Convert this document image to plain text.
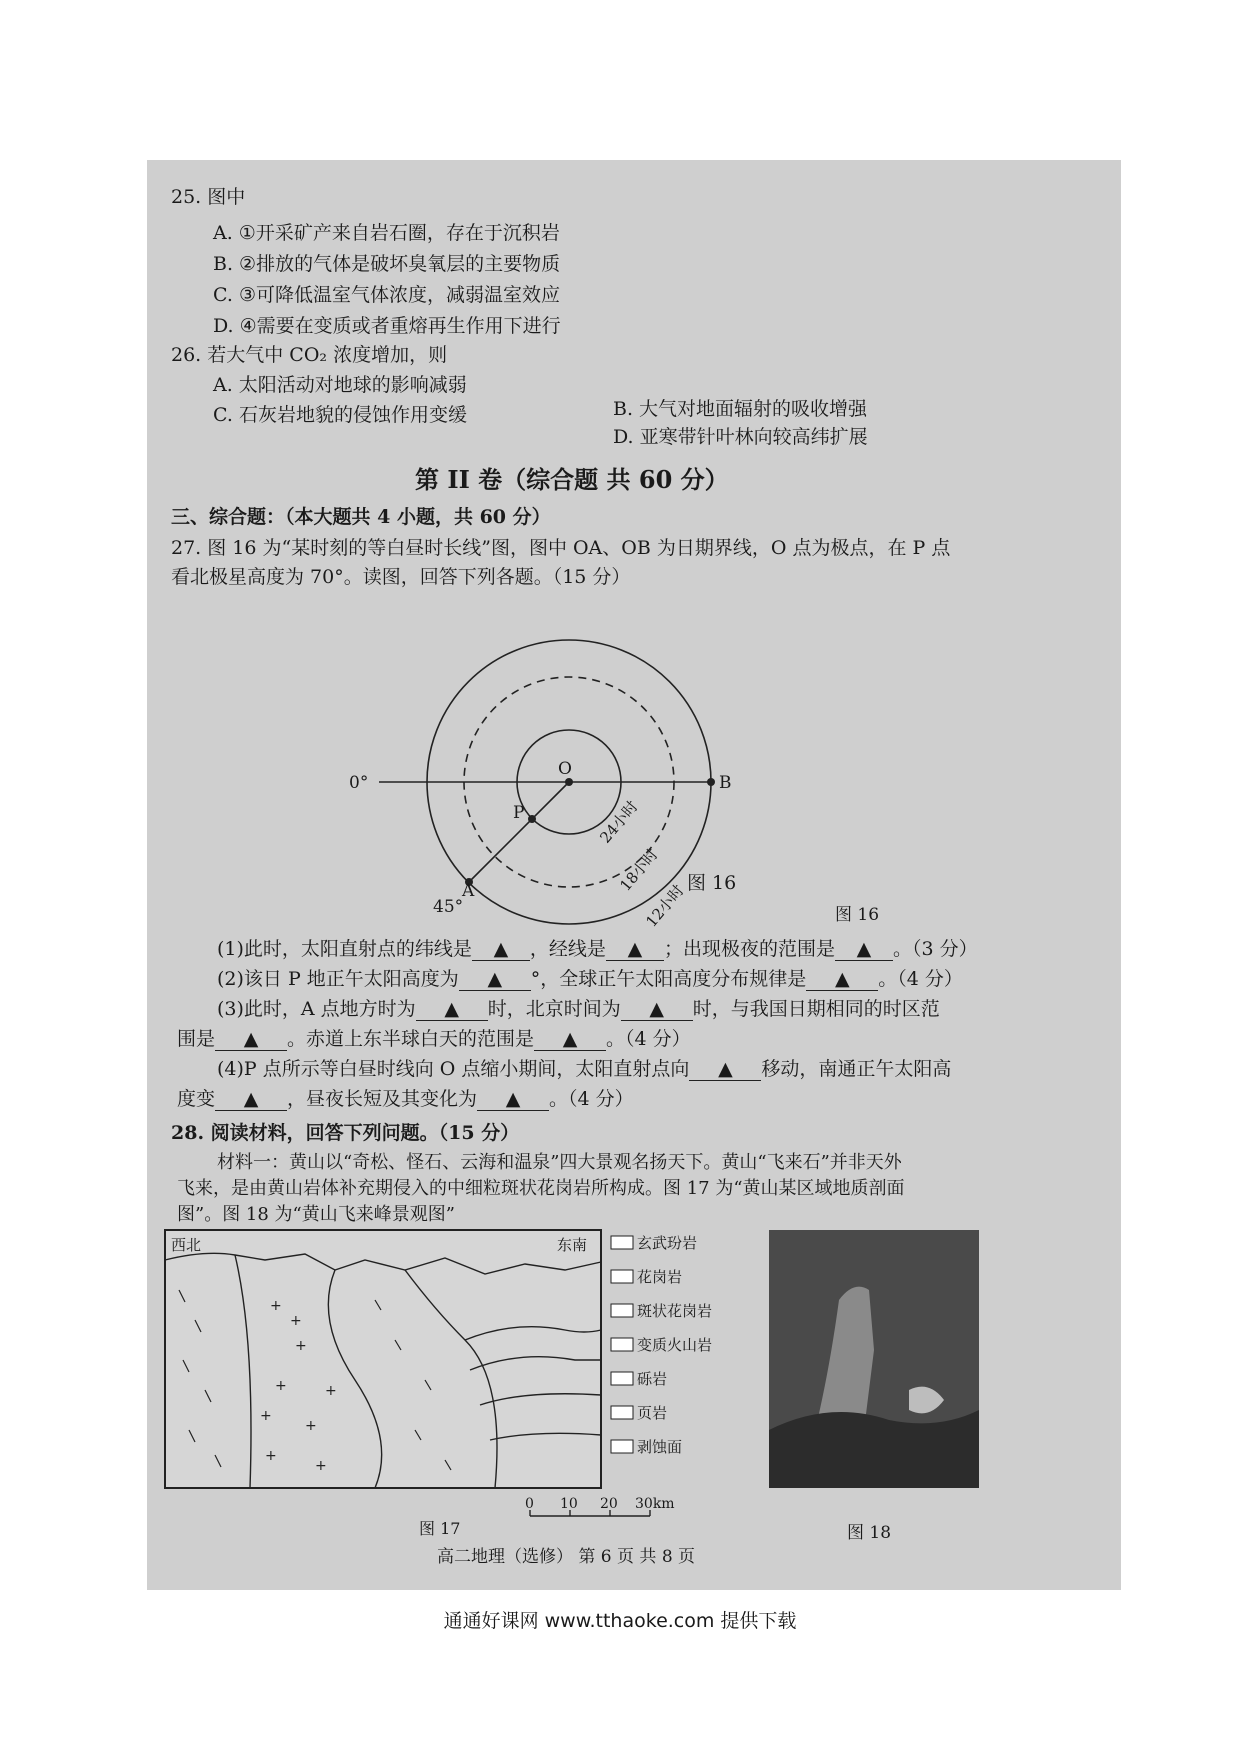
25. 图中
A. ①开采矿产来自岩石圈，存在于沉积岩
B. ②排放的气体是破坏臭氧层的主要物质
C. ③可降低温室气体浓度，减弱温室效应
D. ④需要在变质或者重熔再生作用下进行
26. 若大气中 CO₂ 浓度增加，则
A. 太阳活动对地球的影响减弱
B. 大气对地面辐射的吸收增强
C. 石灰岩地貌的侵蚀作用变缓
D. 亚寒带针叶林向较高纬扩展
第 II 卷（综合题 共 60 分）
三、综合题：（本大题共 4 小题，共 60 分）
27. 图 16 为“某时刻的等白昼时长线”图，图中 OA、OB 为日期界线，O 点为极点，在 P 点
看北极星高度为 70°。读图，回答下列各题。（15 分）
0°
45°
O
P
A
B
24小时
18小时
12小时	图 16
图 16
(1)此时，太阳直射点的纬线是 ▲ ，经线是 ▲ ；出现极夜的范围是 ▲ 。（3 分）
(2)该日 P 地正午太阳高度为 ▲ °，全球正午太阳高度分布规律是 ▲ 。（4 分）
(3)此时，A 点地方时为 ▲ 时，北京时间为 ▲ 时，与我国日期相同的时区范
围是 ▲ 。赤道上东半球白天的范围是 ▲ 。（4 分）
(4)P 点所示等白昼时线向 O 点缩小期间，太阳直射点向 ▲ 移动，南通正午太阳高
度变 ▲ ，昼夜长短及其变化为 ▲ 。（4 分）
28. 阅读材料，回答下列问题。（15 分）
材料一：黄山以“奇松、怪石、云海和温泉”四大景观名扬天下。黄山“飞来石”并非天外
飞来，是由黄山岩体补充期侵入的中细粒斑状花岗岩所构成。图 17 为“黄山某区域地质剖面
图”。图 18 为“黄山飞来峰景观图”
+
+
+
+
+
+
+
+
+
西北	东南	玄武玢岩
花岗岩
斑状花岗岩
变质火山岩
砾岩
页岩
剥蚀面
0 10 20 30km
图 17	图 18
高二地理（选修） 第 6 页 共 8 页
通通好课网 www.tthaoke.com 提供下载
